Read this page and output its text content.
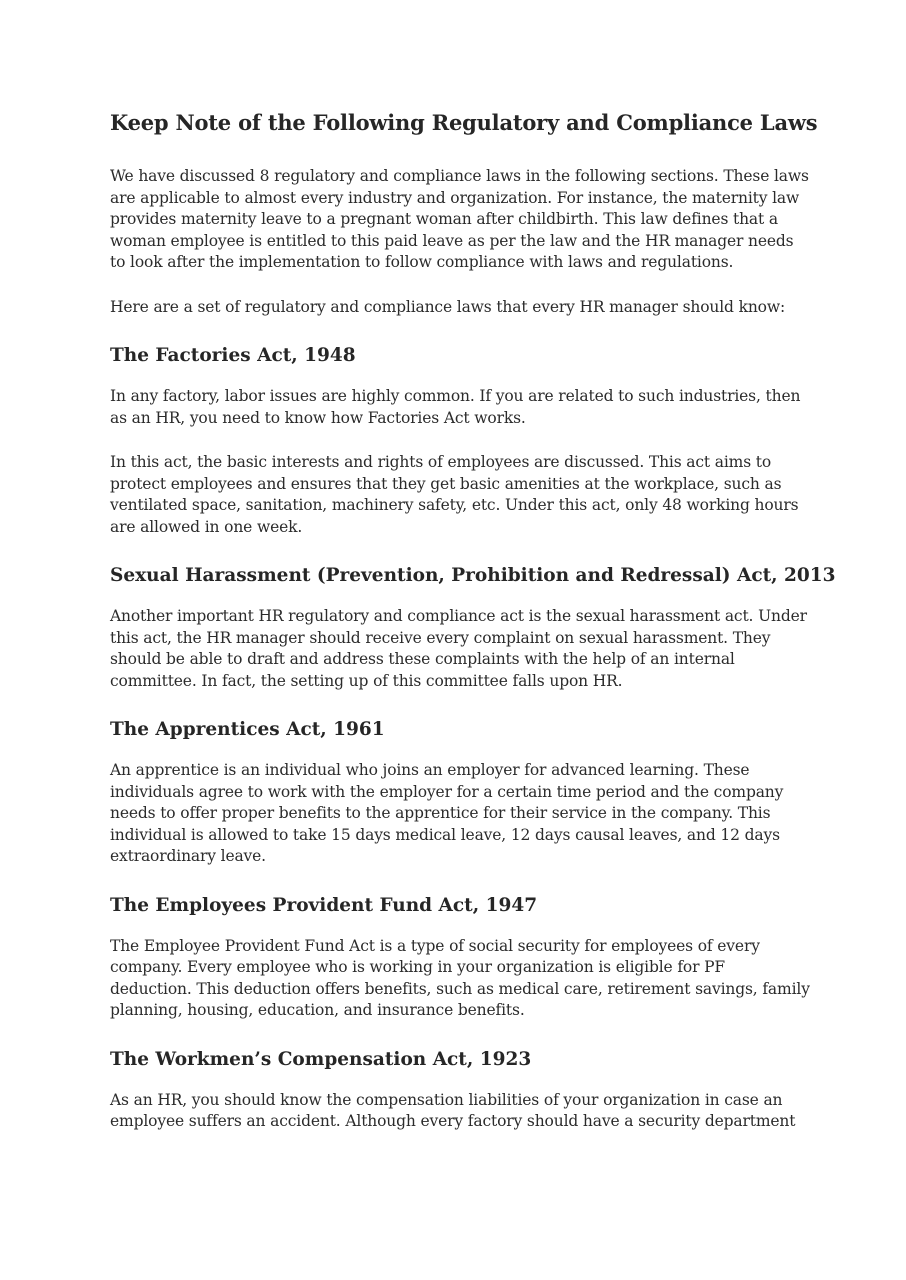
Keep Note of the Following Regulatory and Compliance Laws

We have discussed 8 regulatory and compliance laws in the following sections. These laws are applicable to almost every industry and organization. For instance, the maternity law provides maternity leave to a pregnant woman after childbirth. This law defines that a woman employee is entitled to this paid leave as per the law and the HR manager needs to look after the implementation to follow compliance with laws and regulations.

Here are a set of regulatory and compliance laws that every HR manager should know:

The Factories Act, 1948

In any factory, labor issues are highly common. If you are related to such industries, then as an HR, you need to know how Factories Act works.

In this act, the basic interests and rights of employees are discussed. This act aims to protect employees and ensures that they get basic amenities at the workplace, such as ventilated space, sanitation, machinery safety, etc. Under this act, only 48 working hours are allowed in one week.

Sexual Harassment (Prevention, Prohibition and Redressal) Act, 2013

Another important HR regulatory and compliance act is the sexual harassment act. Under this act, the HR manager should receive every complaint on sexual harassment. They should be able to draft and address these complaints with the help of an internal committee. In fact, the setting up of this committee falls upon HR.

The Apprentices Act, 1961

An apprentice is an individual who joins an employer for advanced learning. These individuals agree to work with the employer for a certain time period and the company needs to offer proper benefits to the apprentice for their service in the company. This individual is allowed to take 15 days medical leave, 12 days causal leaves, and 12 days extraordinary leave.

The Employees Provident Fund Act, 1947

The Employee Provident Fund Act is a type of social security for employees of every company. Every employee who is working in your organization is eligible for PF deduction. This deduction offers benefits, such as medical care, retirement savings, family planning, housing, education, and insurance benefits.

The Workmen’s Compensation Act, 1923

As an HR, you should know the compensation liabilities of your organization in case an employee suffers an accident. Although every factory should have a security department
